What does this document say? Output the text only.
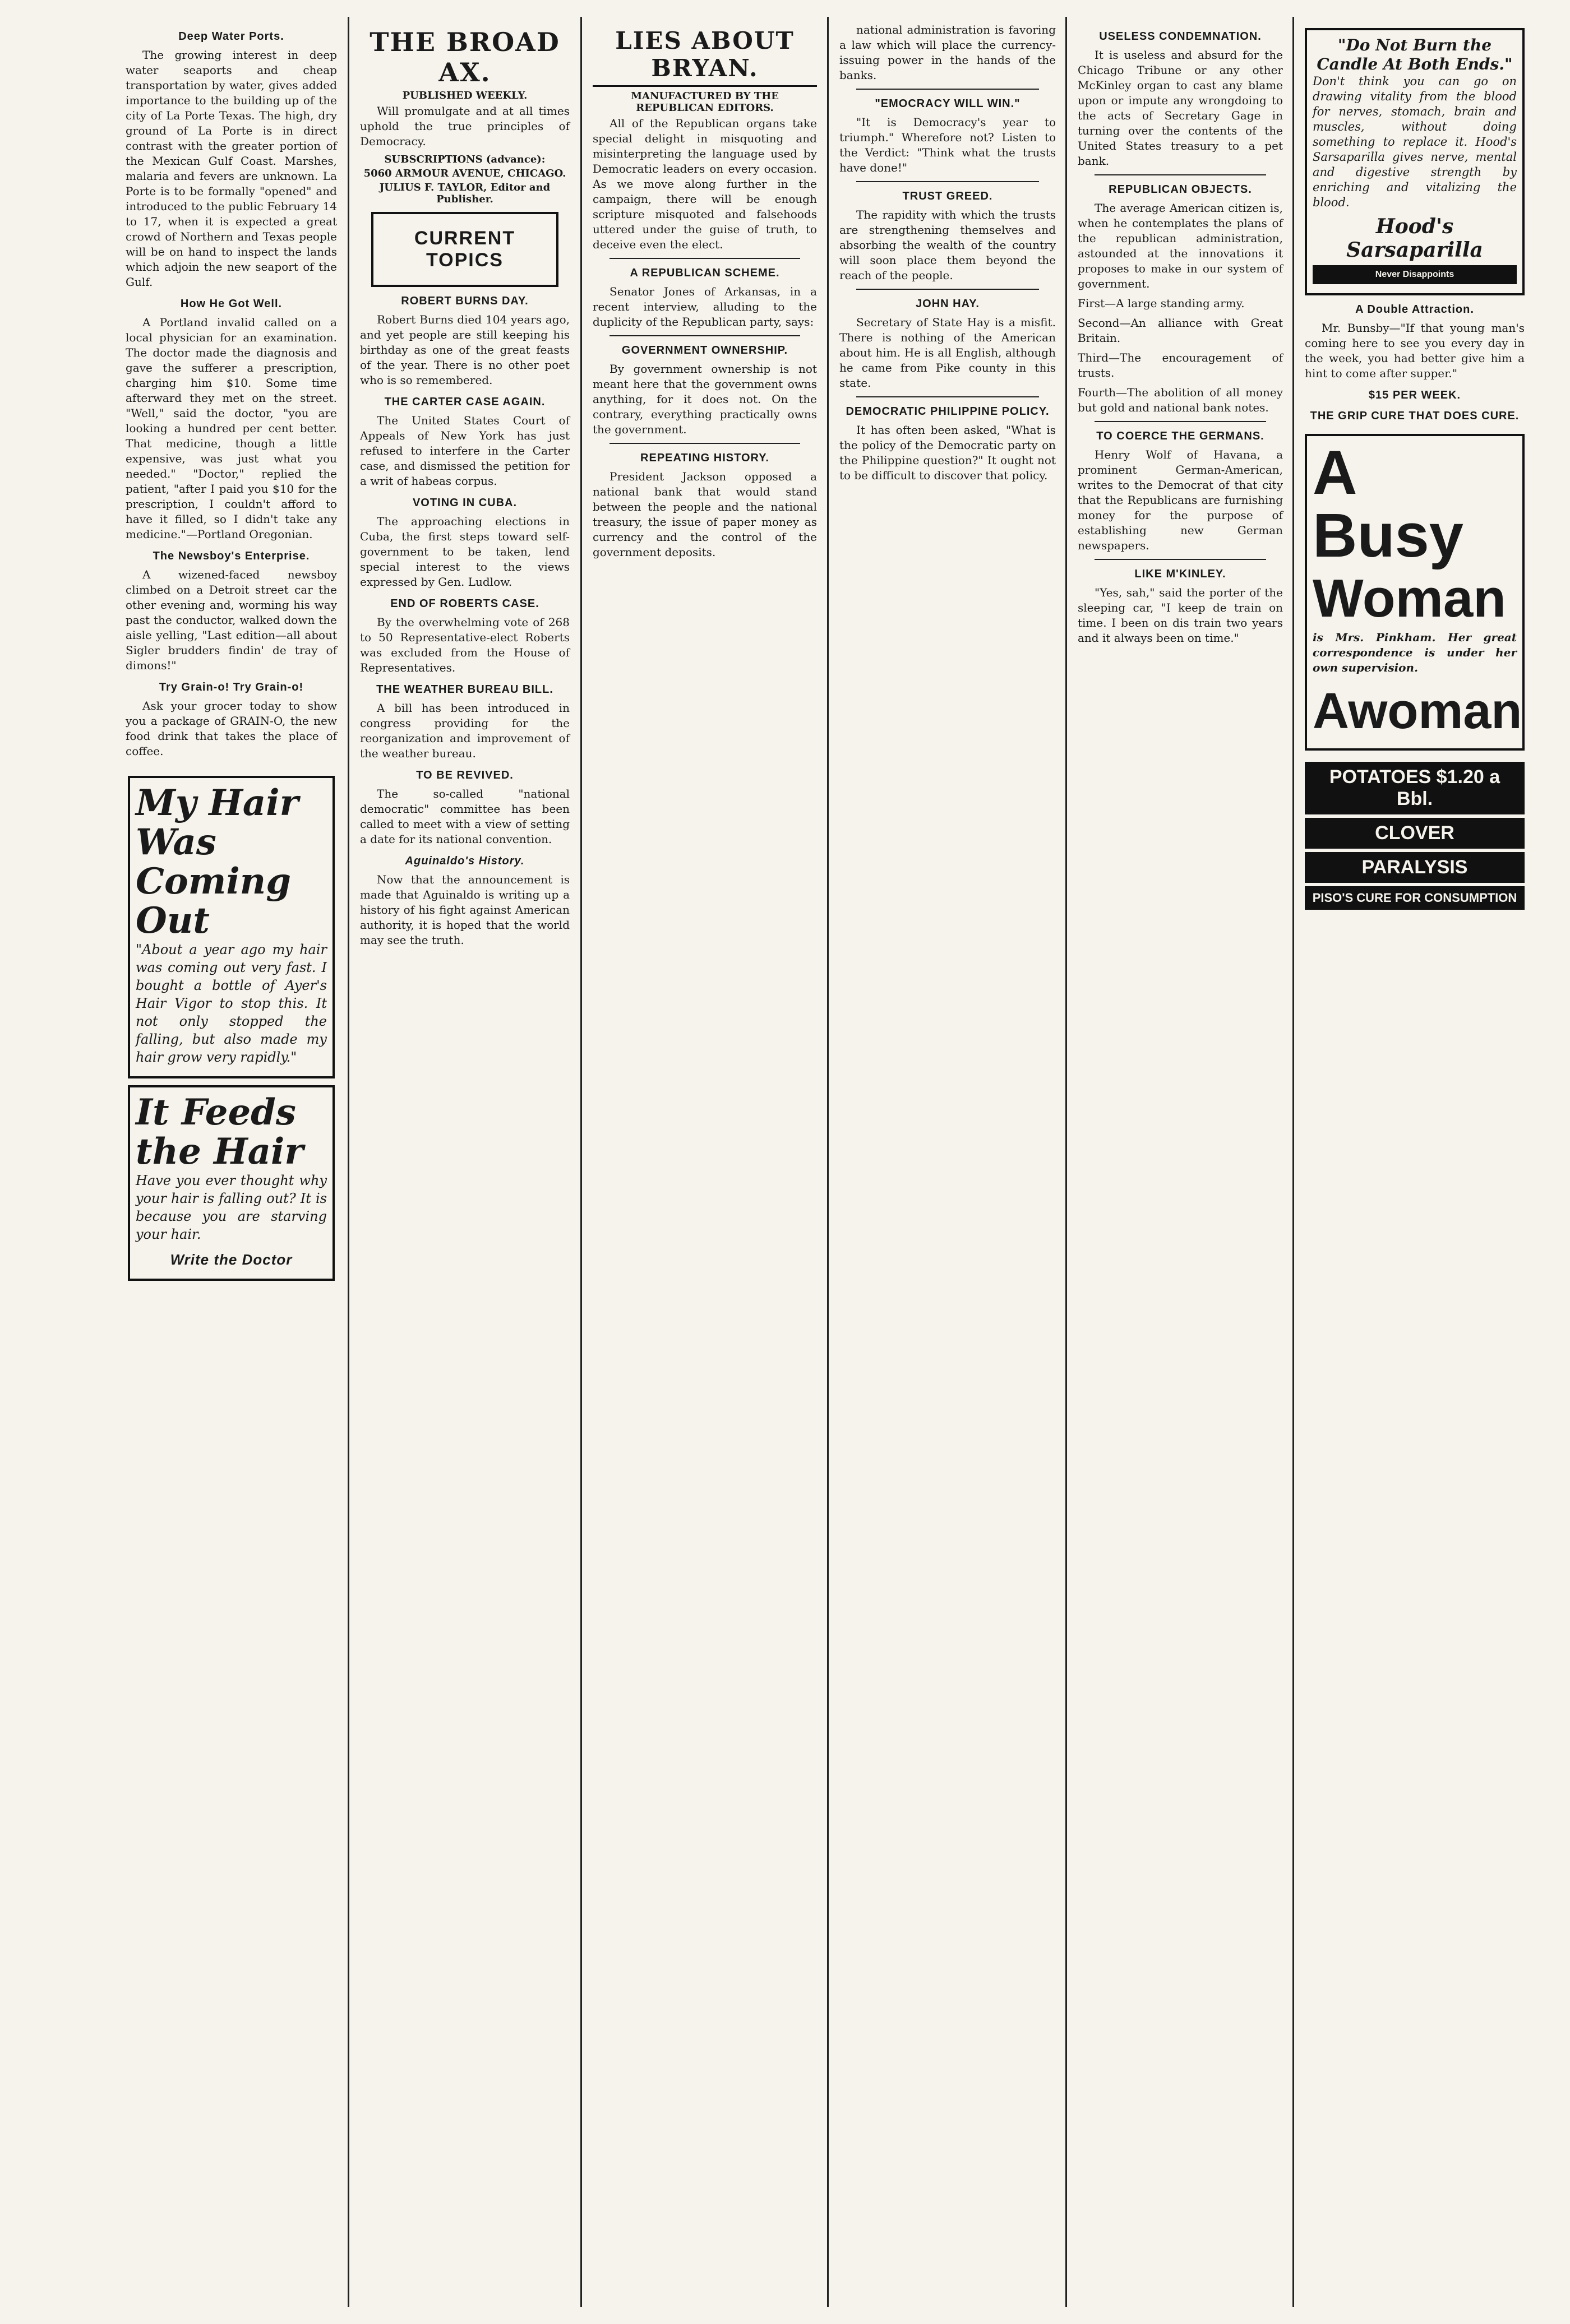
Deep Water Ports.

The growing interest in deep water seaports and cheap transportation by water, gives added importance to the building up of the city of La Porte Texas. The high, dry ground of La Porte is in direct contrast with the greater portion of the Mexican Gulf Coast. Marshes, malaria and fevers are unknown. La Porte is to be formally "opened" and introduced to the public February 14 to 17, when it is expected a great crowd of Northern and Texas people will be on hand to inspect the lands which adjoin the new seaport of the Gulf.

How He Got Well.

A Portland invalid called on a local physician for an examination. The doctor made the diagnosis and gave the sufferer a prescription, charging him $10. Some time afterward they met on the street. "Well," said the doctor, "you are looking a hundred per cent better. That medicine, though a little expensive, was just what you needed." "Doctor," replied the patient, "after I paid you $10 for the prescription, I couldn't afford to have it filled, so I didn't take any medicine."—Portland Oregonian.

The Newsboy's Enterprise.

A wizened-faced newsboy climbed on a Detroit street car the other evening and, worming his way past the conductor, walked down the aisle yelling, "Last edition—all about Sigler brudders findin' de tray of dimons!"

Try Grain-o! Try Grain-o!

Ask your grocer today to show you a package of GRAIN-O, the new food drink that takes the place of coffee.

My Hair Was Coming Out

"About a year ago my hair was coming out very fast. I bought a bottle of Ayer's Hair Vigor to stop this. It not only stopped the falling, but also made my hair grow very rapidly."

It Feeds the Hair

Have you ever thought why your hair is falling out? It is because you are starving your hair.

Write the Doctor
THE BROAD AX.
PUBLISHED WEEKLY.

Will promulgate and at all times uphold the true principles of Democracy.

SUBSCRIPTIONS (advance):
5060 ARMOUR AVENUE, CHICAGO.
JULIUS F. TAYLOR, Editor and Publisher.
CURRENT TOPICS
ROBERT BURNS DAY.

Robert Burns died 104 years ago, and yet people are still keeping his birthday as one of the great feasts of the year. There is no other poet who is so remembered.

THE CARTER CASE AGAIN.

The United States Court of Appeals of New York has just refused to interfere in the Carter case, and dismissed the petition for a writ of habeas corpus.

VOTING IN CUBA.

The approaching elections in Cuba, the first steps toward self-government to be taken, lend special interest to the views expressed by Gen. Ludlow.

END OF ROBERTS CASE.

By the overwhelming vote of 268 to 50 Representative-elect Roberts was excluded from the House of Representatives.

THE WEATHER BUREAU BILL.

A bill has been introduced in congress providing for the reorganization and improvement of the weather bureau.

TO BE REVIVED.

The so-called "national democratic" committee has been called to meet with a view of setting a date for its national convention.

Aguinaldo's History.

Now that the announcement is made that Aguinaldo is writing up a history of his fight against American authority, it is hoped that the world may see the truth.

LIES ABOUT BRYAN.
MANUFACTURED BY THE REPUBLICAN EDITORS.

All of the Republican organs take special delight in misquoting and misinterpreting the language used by Democratic leaders on every occasion. As we move along further in the campaign, there will be enough scripture misquoted and falsehoods uttered under the guise of truth, to deceive even the elect.

A REPUBLICAN SCHEME.

Senator Jones of Arkansas, in a recent interview, alluding to the duplicity of the Republican party, says:

GOVERNMENT OWNERSHIP.

By government ownership is not meant here that the government owns anything, for it does not. On the contrary, everything practically owns the government.

REPEATING HISTORY.

President Jackson opposed a national bank that would stand between the people and the national treasury, the issue of paper money as currency and the control of the government deposits.

national administration is favoring a law which will place the currency-issuing power in the hands of the banks.

"EMOCRACY WILL WIN."

"It is Democracy's year to triumph." Wherefore not? Listen to the Verdict: "Think what the trusts have done!"

TRUST GREED.

The rapidity with which the trusts are strengthening themselves and absorbing the wealth of the country will soon place them beyond the reach of the people.

JOHN HAY.

Secretary of State Hay is a misfit. There is nothing of the American about him. He is all English, although he came from Pike county in this state.

DEMOCRATIC PHILIPPINE POLICY.

It has often been asked, "What is the policy of the Democratic party on the Philippine question?" It ought not to be difficult to discover that policy.

USELESS CONDEMNATION.

It is useless and absurd for the Chicago Tribune or any other McKinley organ to cast any blame upon or impute any wrongdoing to the acts of Secretary Gage in turning over the contents of the United States treasury to a pet bank.

REPUBLICAN OBJECTS.

The average American citizen is, when he contemplates the plans of the republican administration, astounded at the innovations it proposes to make in our system of government.

First—A large standing army.

Second—An alliance with Great Britain.

Third—The encouragement of trusts.

Fourth—The abolition of all money but gold and national bank notes.

TO COERCE THE GERMANS.

Henry Wolf of Havana, a prominent German-American, writes to the Democrat of that city that the Republicans are furnishing money for the purpose of establishing new German newspapers.

LIKE M'KINLEY.

"Yes, sah," said the porter of the sleeping car, "I keep de train on time. I been on dis train two years and it always been on time."

"Do Not Burn the Candle At Both Ends."

Don't think you can go on drawing vitality from the blood for nerves, stomach, brain and muscles, without doing something to replace it. Hood's Sarsaparilla gives nerve, mental and digestive strength by enriching and vitalizing the blood.

Hood's Sarsaparilla
Never Disappoints
A Double Attraction.

Mr. Bunsby—"If that young man's coming here to see you every day in the week, you had better give him a hint to come after supper."

$15 PER WEEK.
THE GRIP CURE THAT DOES CURE.
A
Busy
Woman

is Mrs. Pinkham. Her great correspondence is under her own supervision.

Awoman
POTATOES $1.20 a Bbl.
CLOVER
PARALYSIS
PISO'S CURE FOR CONSUMPTION
